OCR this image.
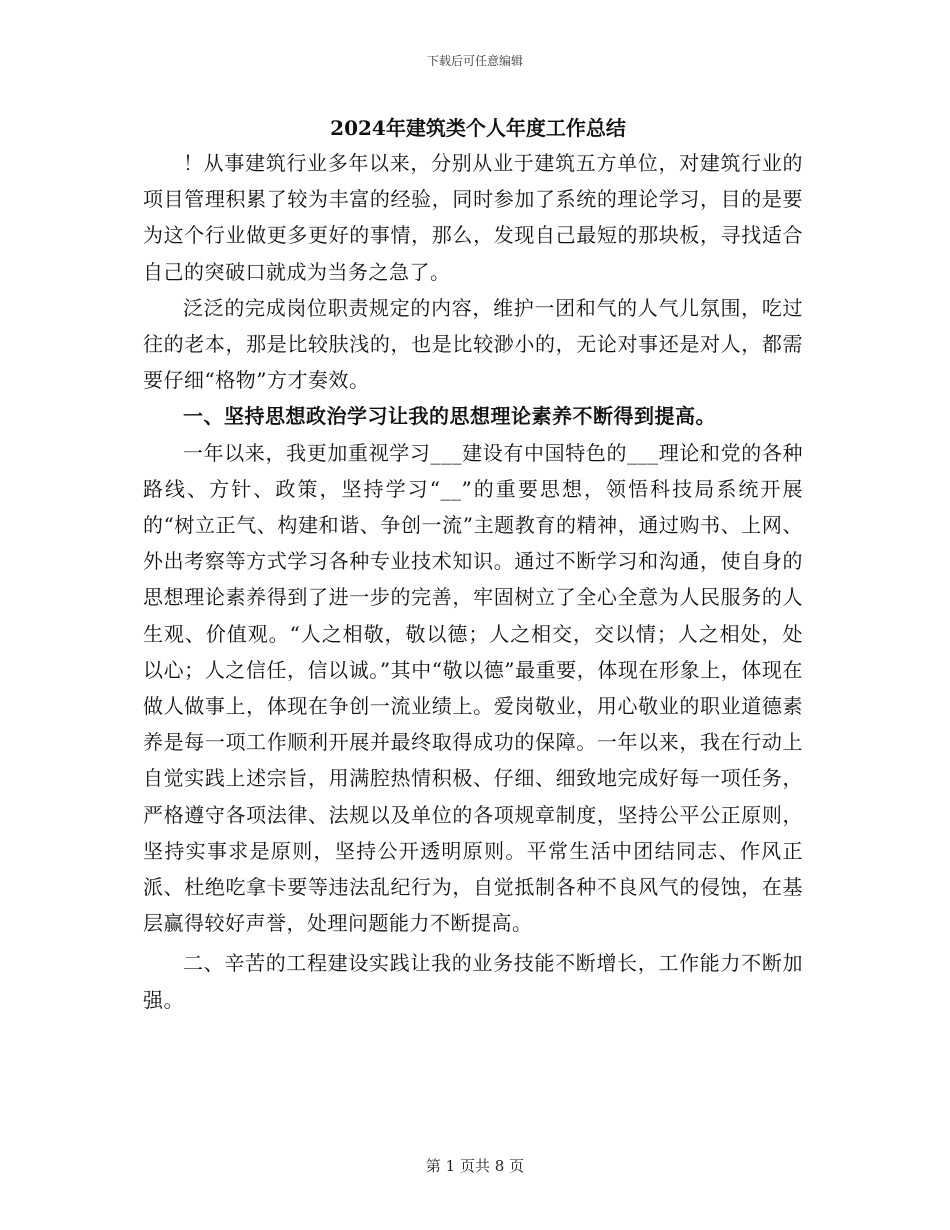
下载后可任意编辑
2024年建筑类个人年度工作总结

！从事建筑行业多年以来，分别从业于建筑五方单位，对建筑行业的项目管理积累了较为丰富的经验，同时参加了系统的理论学习，目的是要为这个行业做更多更好的事情，那么，发现自己最短的那块板，寻找适合自己的突破口就成为当务之急了。

泛泛的完成岗位职责规定的内容，维护一团和气的人气儿氛围，吃过往的老本，那是比较肤浅的，也是比较渺小的，无论对事还是对人，都需要仔细“格物”方才奏效。

一、坚持思想政治学习让我的思想理论素养不断得到提高。

一年以来，我更加重视学习___建设有中国特色的___理论和党的各种路线、方针、政策，坚持学习“__”的重要思想，领悟科技局系统开展的“树立正气、构建和谐、争创一流”主题教育的精神，通过购书、上网、外出考察等方式学习各种专业技术知识。通过不断学习和沟通，使自身的思想理论素养得到了进一步的完善，牢固树立了全心全意为人民服务的人生观、价值观。“人之相敬，敬以德；人之相交，交以情；人之相处，处以心；人之信任，信以诚。”其中“敬以德”最重要，体现在形象上，体现在做人做事上，体现在争创一流业绩上。爱岗敬业，用心敬业的职业道德素养是每一项工作顺利开展并最终取得成功的保障。一年以来，我在行动上自觉实践上述宗旨，用满腔热情积极、仔细、细致地完成好每一项任务，严格遵守各项法律、法规以及单位的各项规章制度，坚持公平公正原则，坚持实事求是原则，坚持公开透明原则。平常生活中团结同志、作风正派、杜绝吃拿卡要等违法乱纪行为，自觉抵制各种不良风气的侵蚀，在基层赢得较好声誉，处理问题能力不断提高。

二、辛苦的工程建设实践让我的业务技能不断增长，工作能力不断加强。

第 1 页共 8 页
